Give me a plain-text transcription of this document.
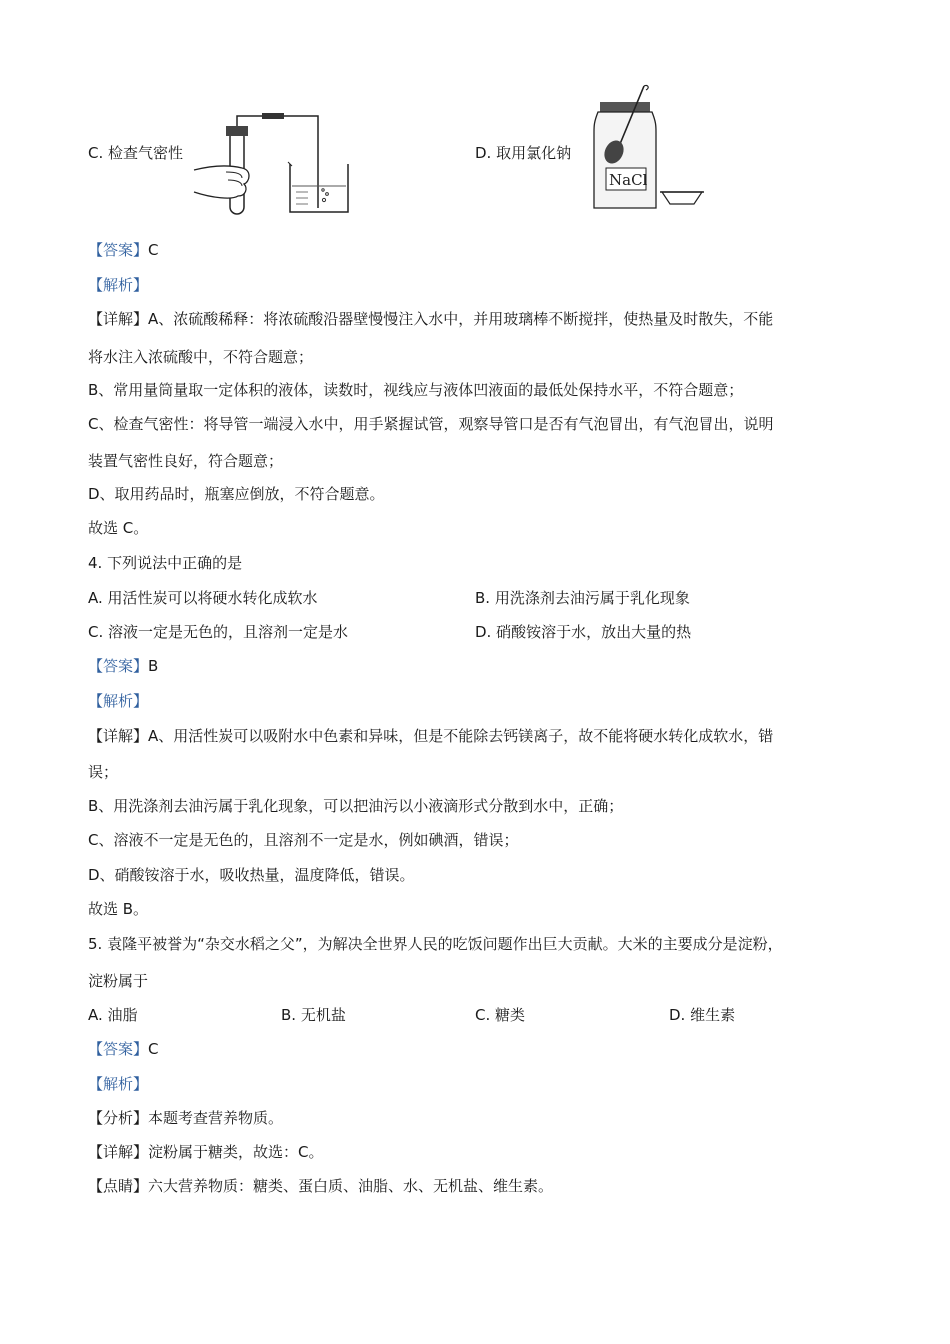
C. 检查气密性	D. 取用氯化钠
NaCl
【答案】C
【解析】
【详解】A、浓硫酸稀释：将浓硫酸沿器壁慢慢注入水中，并用玻璃棒不断搅拌，使热量及时散失，不能
将水注入浓硫酸中，不符合题意；
B、常用量筒量取一定体积的液体，读数时，视线应与液体凹液面的最低处保持水平，不符合题意；
C、检查气密性：将导管一端浸入水中，用手紧握试管，观察导管口是否有气泡冒出，有气泡冒出，说明
装置气密性良好，符合题意；
D、取用药品时，瓶塞应倒放，不符合题意。
故选 C。
4. 下列说法中正确的是
A. 用活性炭可以将硬水转化成软水	B. 用洗涤剂去油污属于乳化现象
C. 溶液一定是无色的，且溶剂一定是水	D. 硝酸铵溶于水，放出大量的热
【答案】B
【解析】
【详解】A、用活性炭可以吸附水中色素和异味，但是不能除去钙镁离子，故不能将硬水转化成软水，错
误；
B、用洗涤剂去油污属于乳化现象，可以把油污以小液滴形式分散到水中，正确；
C、溶液不一定是无色的，且溶剂不一定是水，例如碘酒，错误；
D、硝酸铵溶于水，吸收热量，温度降低，错误。
故选 B。
5. 袁隆平被誉为“杂交水稻之父”，为解决全世界人民的吃饭问题作出巨大贡献。大米的主要成分是淀粉，
淀粉属于
A. 油脂	B. 无机盐	C. 糖类	D. 维生素
【答案】C
【解析】
【分析】本题考查营养物质。
【详解】淀粉属于糖类，故选：C。
【点睛】六大营养物质：糖类、蛋白质、油脂、水、无机盐、维生素。
